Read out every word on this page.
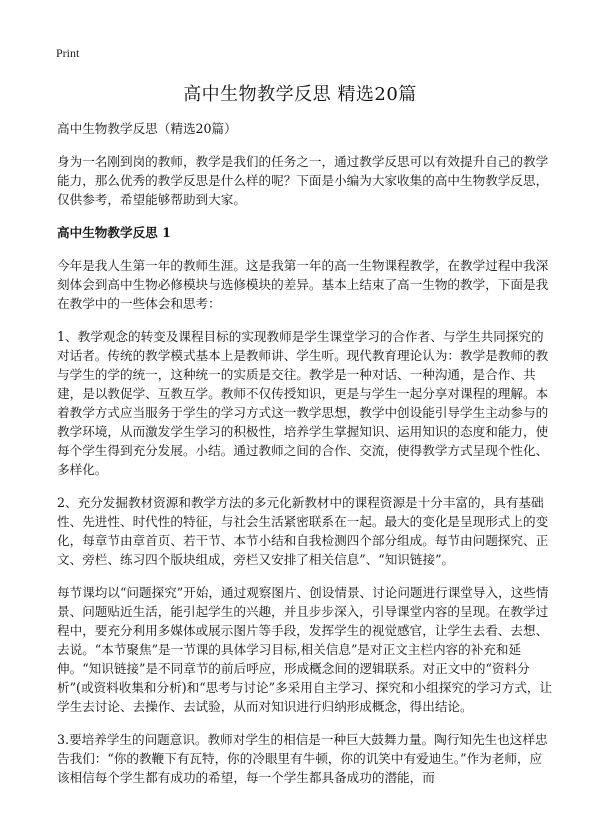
Print

高中生物教学反思 精选20篇

高中生物教学反思（精选20篇）

身为一名刚到岗的教师，教学是我们的任务之一，通过教学反思可以有效提升自己的教学能力，那么优秀的教学反思是什么样的呢？下面是小编为大家收集的高中生物教学反思，仅供参考，希望能够帮助到大家。

高中生物教学反思 1

今年是我人生第一年的教师生涯。这是我第一年的高一生物课程教学，在教学过程中我深刻体会到高中生物必修模块与选修模块的差异。基本上结束了高一生物的教学，下面是我在教学中的一些体会和思考：

1、教学观念的转变及课程目标的实现教师是学生课堂学习的合作者、与学生共同探究的对话者。传统的教学模式基本上是教师讲、学生听。现代教育理论认为：教学是教师的教与学生的学的统一，这种统一的实质是交往。教学是一种对话、一种沟通，是合作、共建，是以教促学、互教互学。教师不仅传授知识，更是与学生一起分享对课程的理解。本着教学方式应当服务于学生的学习方式这一教学思想，教学中创设能引导学生主动参与的教学环境，从而激发学生学习的积极性，培养学生掌握知识、运用知识的态度和能力，使每个学生得到充分发展。小结。通过教师之间的合作、交流，使得教学方式呈现个性化、多样化。

2、充分发掘教材资源和教学方法的多元化新教材中的课程资源是十分丰富的，具有基础性、先进性、时代性的特征，与社会生活紧密联系在一起。最大的变化是呈现形式上的变化，每章节由章首页、若干节、本节小结和自我检测四个部分组成。每节由问题探究、正文、旁栏、练习四个版块组成，旁栏又安排了相关信息”、“知识链接”。

每节课均以“问题探究”开始，通过观察图片、创设情景、讨论问题进行课堂导入，这些情景、问题贴近生活，能引起学生的兴趣，并且步步深入，引导课堂内容的呈现。在教学过程中，要充分利用多媒体或展示图片等手段，发挥学生的视觉感官，让学生去看、去想、去说。“本节聚焦”是一节课的具体学习目标,相关信息”是对正文主栏内容的补充和延伸。“知识链接”是不同章节的前后呼应，形成概念间的逻辑联系。对正文中的“资料分析”(或资料收集和分析)和“思考与讨论”多采用自主学习、探究和小组探究的学习方式，让学生去讨论、去操作、去试验，从而对知识进行归纳形成概念，得出结论。

3.要培养学生的问题意识。教师对学生的相信是一种巨大鼓舞力量。陶行知先生也这样忠告我们：“你的教鞭下有瓦特，你的冷眼里有牛顿，你的讥笑中有爱迪生。”作为老师，应该相信每个学生都有成功的希望，每一个学生都具备成功的潜能，而
